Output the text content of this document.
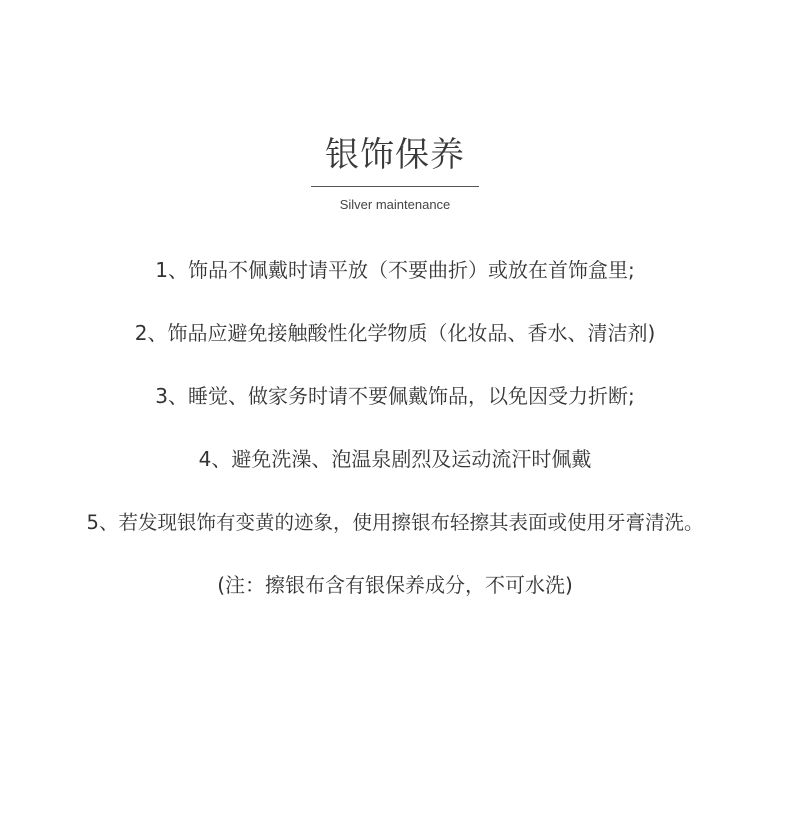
银饰保养
Silver maintenance
1、饰品不佩戴时请平放（不要曲折）或放在首饰盒里;
2、饰品应避免接触酸性化学物质（化妆品、香水、清洁剂)
3、睡觉、做家务时请不要佩戴饰品，以免因受力折断;
4、避免洗澡、泡温泉剧烈及运动流汗时佩戴
5、若发现银饰有变黄的迹象，使用擦银布轻擦其表面或使用牙膏清洗。
(注：擦银布含有银保养成分，不可水洗)
